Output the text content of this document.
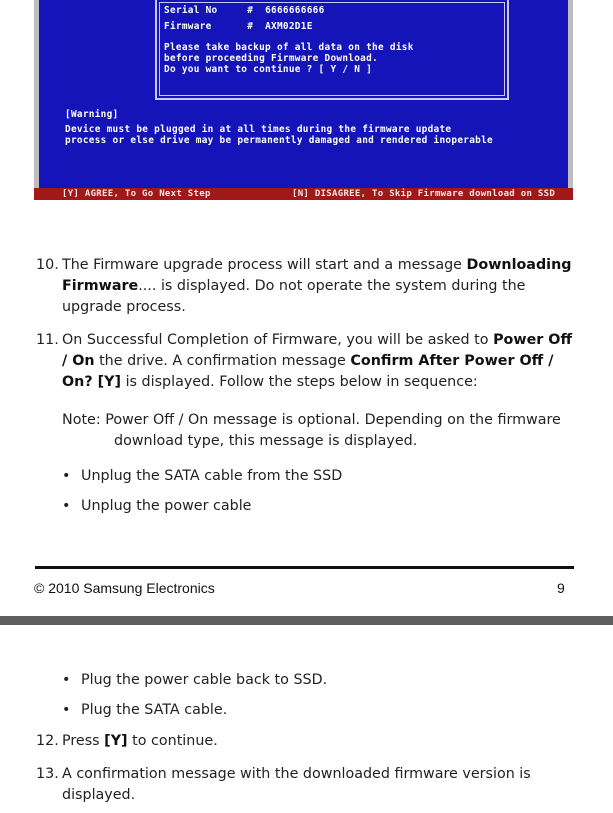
Serial No	# 6666666666
Firmware	# AXM02D1E
Please take backup of all data on the disk
before proceeding Firmware Download.
Do you want to continue ? [ Y / N ]
[Warning]
Device must be plugged in at all times during the firmware update
process or else drive may be permanently damaged and rendered inoperable
[Y] AGREE, To Go Next Step	[N] DISAGREE, To Skip Firmware download on SSD
10. The Firmware upgrade process will start and a message Downloading Firmware.... is displayed. Do not operate the system during the upgrade process.
11. On Successful Completion of Firmware, you will be asked to Power Off / On the drive. A confirmation message Confirm After Power Off / On? [Y] is displayed. Follow the steps below in sequence:
Note: Power Off / On message is optional. Depending on the firmware
download type, this message is displayed.
• Unplug the SATA cable from the SSD
• Unplug the power cable
© 2010 Samsung Electronics	9
• Plug the power cable back to SSD.
• Plug the SATA cable.
12. Press [Y] to continue.
13. A confirmation message with the downloaded firmware version is displayed.
